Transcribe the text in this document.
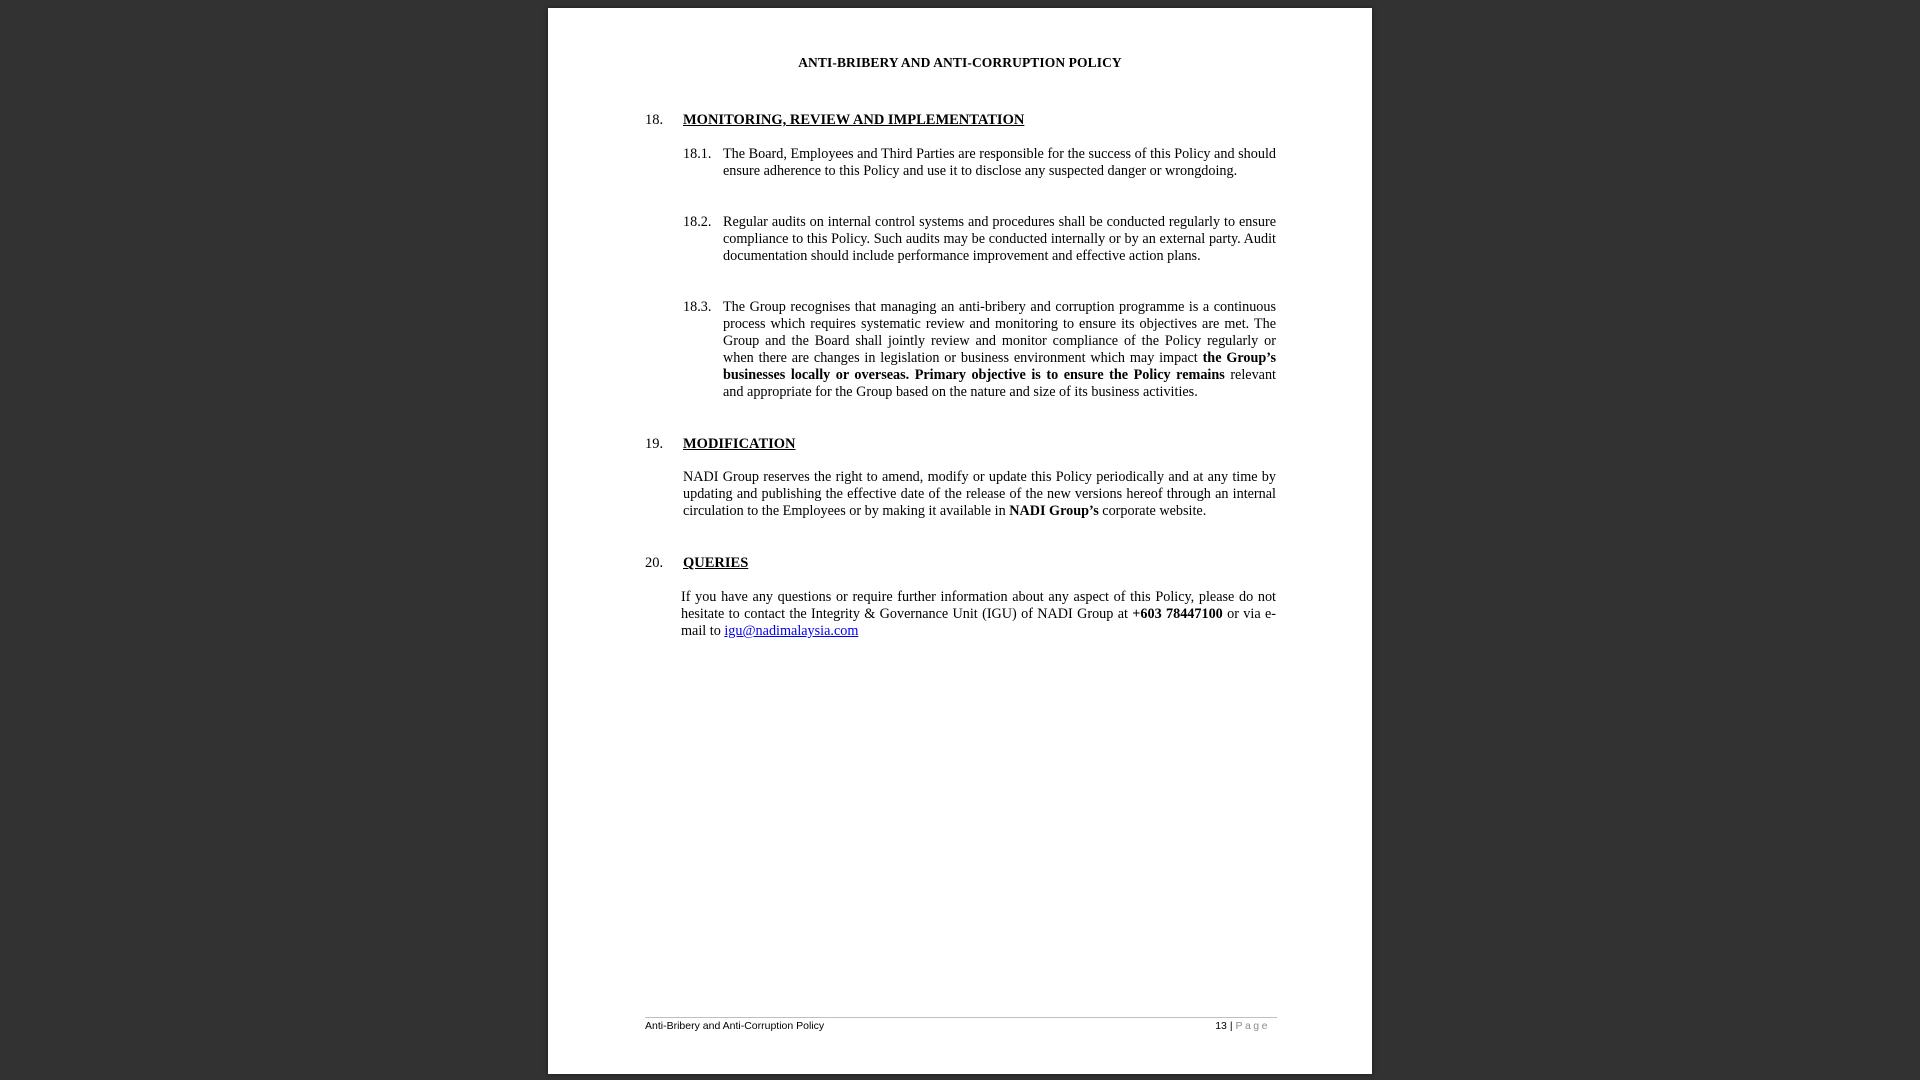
ANTI-BRIBERY AND ANTI-CORRUPTION POLICY
18. MONITORING, REVIEW AND IMPLEMENTATION
18.1. The Board, Employees and Third Parties are responsible for the success of this Policy and should ensure adherence to this Policy and use it to disclose any suspected danger or wrongdoing.
18.2. Regular audits on internal control systems and procedures shall be conducted regularly to ensure compliance to this Policy. Such audits may be conducted internally or by an external party. Audit documentation should include performance improvement and effective action plans.
18.3. The Group recognises that managing an anti-bribery and corruption programme is a continuous process which requires systematic review and monitoring to ensure its objectives are met. The Group and the Board shall jointly review and monitor compliance of the Policy regularly or when there are changes in legislation or business environment which may impact the Group’s businesses locally or overseas. Primary objective is to ensure the Policy remains relevant and appropriate for the Group based on the nature and size of its business activities.
19. MODIFICATION
NADI Group reserves the right to amend, modify or update this Policy periodically and at any time by updating and publishing the effective date of the release of the new versions hereof through an internal circulation to the Employees or by making it available in NADI Group’s corporate website.
20. QUERIES
If you have any questions or require further information about any aspect of this Policy, please do not hesitate to contact the Integrity & Governance Unit (IGU) of NADI Group at +603 78447100 or via e-mail to igu@nadimalaysia.com
Anti-Bribery and Anti-Corruption Policy	13 | Page
